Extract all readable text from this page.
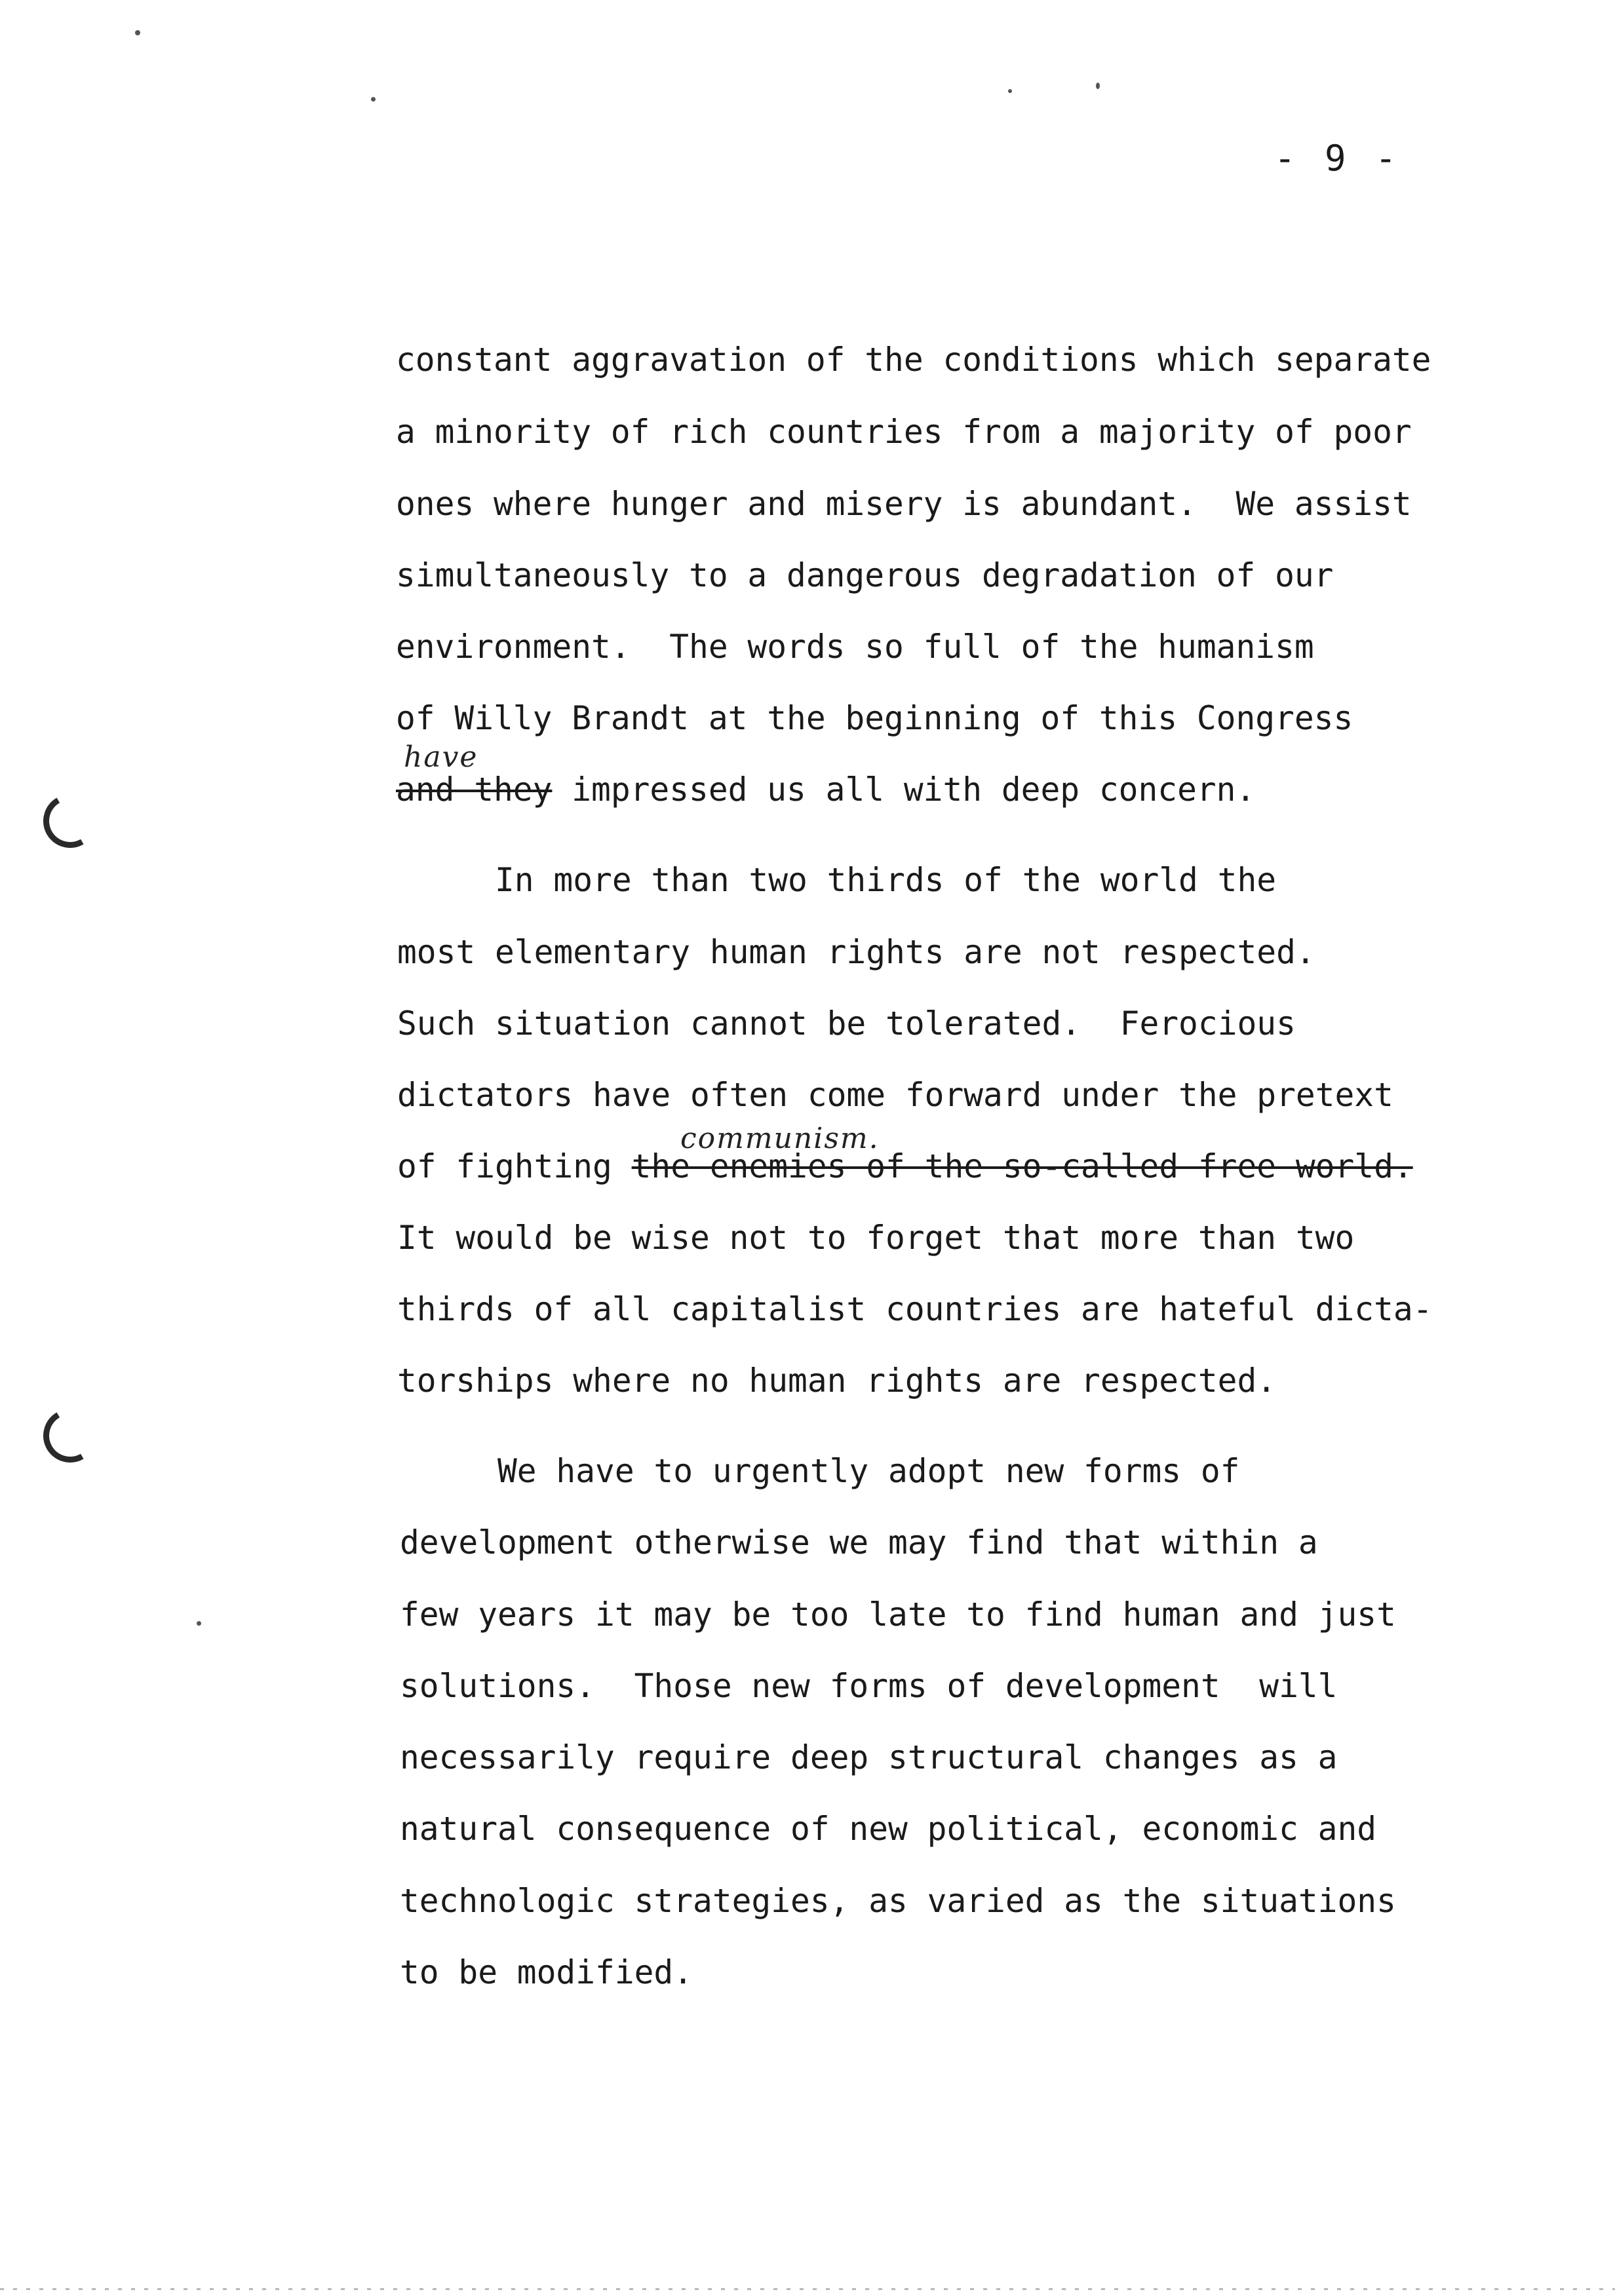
- 9 -
constant aggravation of the conditions which separate
a minority of rich countries from a majority of poor
ones where hunger and misery is abundant.  We assist
simultaneously to a dangerous degradation of our
environment.  The words so full of the humanism
of Willy Brandt at the beginning of this Congress
have
and they impressed us all with deep concern.
In more than two thirds of the world the
most elementary human rights are not respected.
Such situation cannot be tolerated.  Ferocious
dictators have often come forward under the pretext
communism.
of fighting the enemies of the so-called free world.
It would be wise not to forget that more than two
thirds of all capitalist countries are hateful dicta-
torships where no human rights are respected.
We have to urgently adopt new forms of
development otherwise we may find that within a
few years it may be too late to find human and just
solutions.  Those new forms of development  will
necessarily require deep structural changes as a
natural consequence of new political, economic and
technologic strategies, as varied as the situations
to be modified.
